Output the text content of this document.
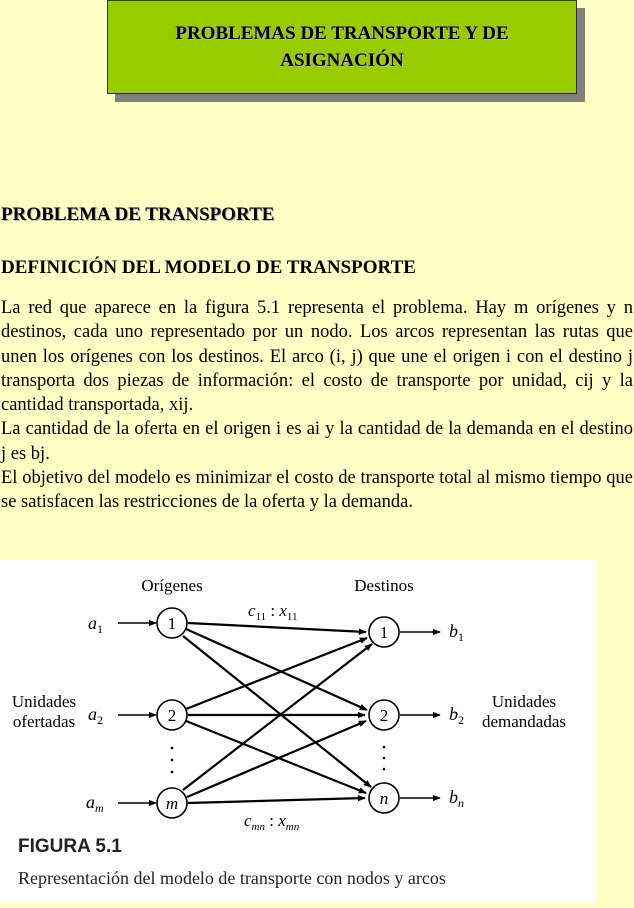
PROBLEMAS DE TRANSPORTE Y DE
ASIGNACIÓN
PROBLEMA DE TRANSPORTE
DEFINICIÓN DEL MODELO DE TRANSPORTE

La red que aparece en la figura 5.1 representa el problema. Hay m orígenes y n destinos, cada uno representado por un nodo. Los arcos representan las rutas que unen los orígenes con los destinos. El arco (i, j) que une el origen i con el destino j transporta dos piezas de información: el costo de transporte por unidad, cij y la cantidad transportada, xij.

La cantidad de la oferta en el origen i es ai y la cantidad de la demanda en el destino j es bj.

El objetivo del modelo es minimizar el costo de transporte total al mismo tiempo que se satisfacen las restricciones de la oferta y la demanda.

Orígenes	Destinos
$c_{11}$ : $x_{11}$
1
2
m
1
2
n
$a_1$
$a_2$
$a_m$
$b_1$
$b_2$
$b_n$
Unidades
ofertadas
Unidades
demandadas
$c_{mn}$ : $x_{mn}$
FIGURA 5.1
Representación del modelo de transporte con nodos y arcos
